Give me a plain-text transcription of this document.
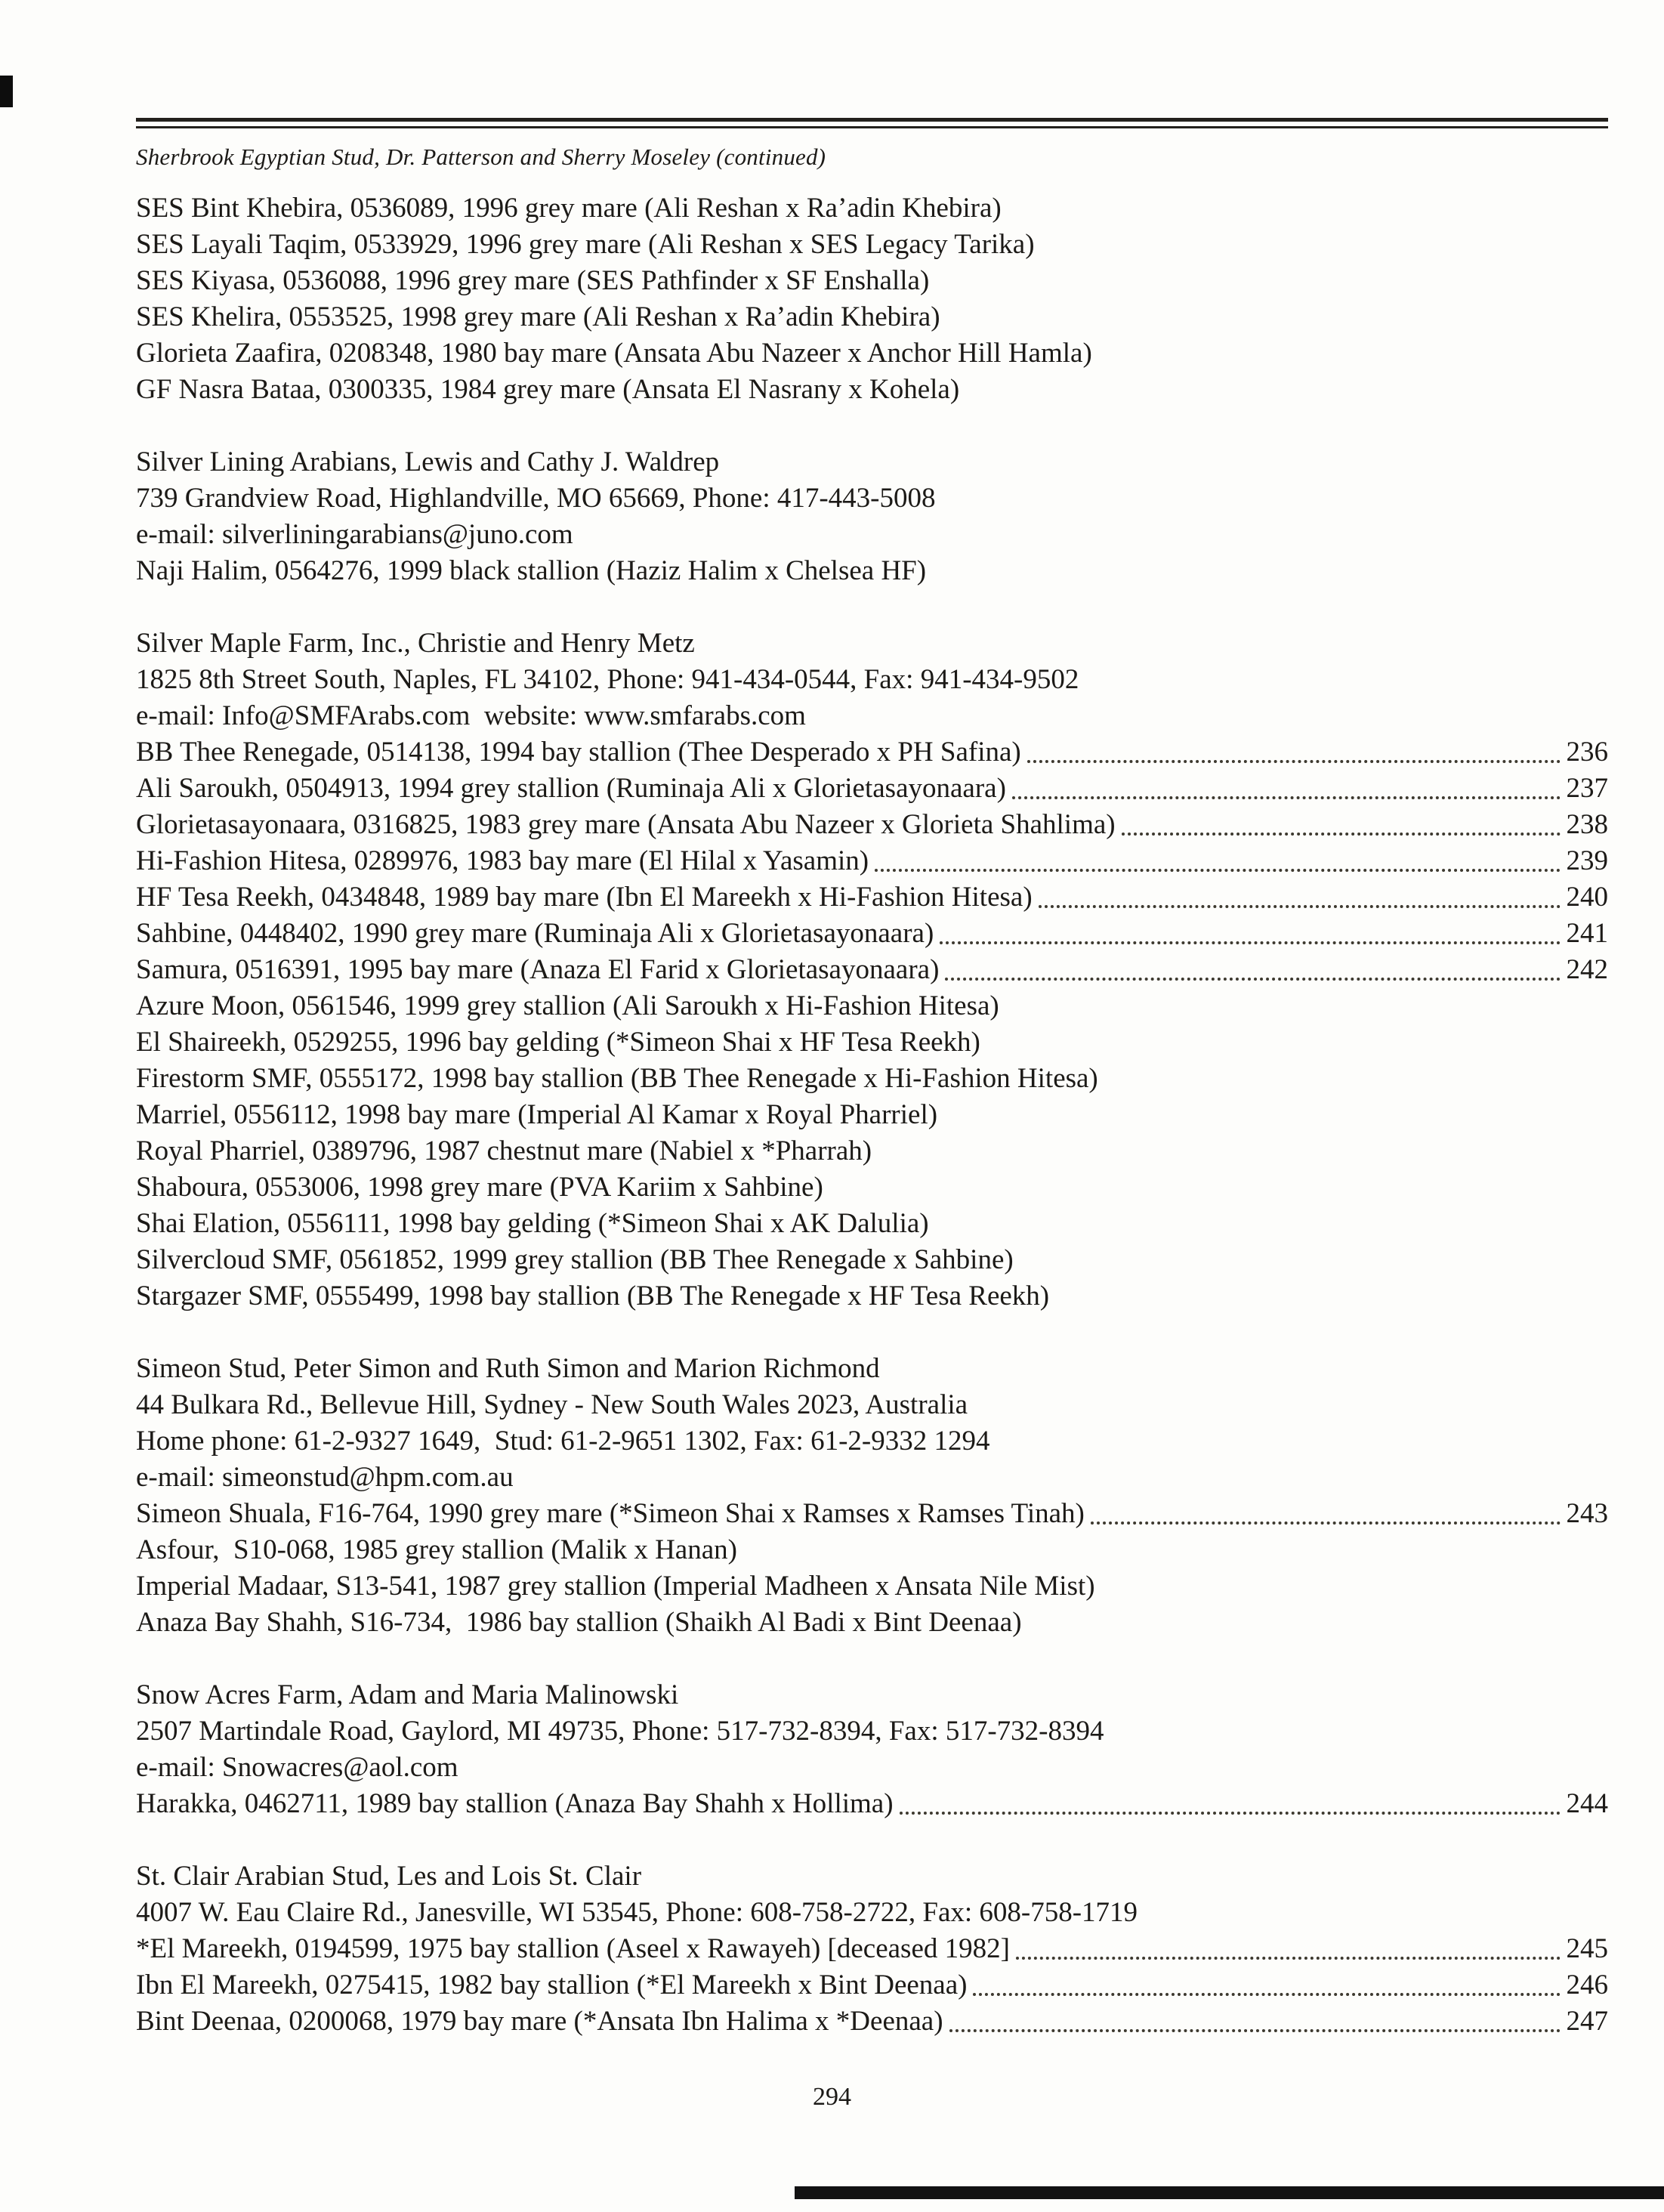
Sherbrook Egyptian Stud, Dr. Patterson and Sherry Moseley (continued)
SES Bint Khebira, 0536089, 1996 grey mare (Ali Reshan x Ra’adin Khebira)
SES Layali Taqim, 0533929, 1996 grey mare (Ali Reshan x SES Legacy Tarika)
SES Kiyasa, 0536088, 1996 grey mare (SES Pathfinder x SF Enshalla)
SES Khelira, 0553525, 1998 grey mare (Ali Reshan x Ra’adin Khebira)
Glorieta Zaafira, 0208348, 1980 bay mare (Ansata Abu Nazeer x Anchor Hill Hamla)
GF Nasra Bataa, 0300335, 1984 grey mare (Ansata El Nasrany x Kohela)
Silver Lining Arabians, Lewis and Cathy J. Waldrep
739 Grandview Road, Highlandville, MO 65669, Phone: 417-443-5008
e-mail: silverliningarabians@juno.com
Naji Halim, 0564276, 1999 black stallion (Haziz Halim x Chelsea HF)
Silver Maple Farm, Inc., Christie and Henry Metz
1825 8th Street South, Naples, FL 34102, Phone: 941-434-0544, Fax: 941-434-9502
e-mail: Info@SMFArabs.com  website: www.smfarabs.com
BB Thee Renegade, 0514138, 1994 bay stallion (Thee Desperado x PH Safina)	236
Ali Saroukh, 0504913, 1994 grey stallion (Ruminaja Ali x Glorietasayonaara)	237
Glorietasayonaara, 0316825, 1983 grey mare (Ansata Abu Nazeer x Glorieta Shahlima)	238
Hi-Fashion Hitesa, 0289976, 1983 bay mare (El Hilal x Yasamin)	239
HF Tesa Reekh, 0434848, 1989 bay mare (Ibn El Mareekh x Hi-Fashion Hitesa)	240
Sahbine, 0448402, 1990 grey mare (Ruminaja Ali x Glorietasayonaara)	241
Samura, 0516391, 1995 bay mare (Anaza El Farid x Glorietasayonaara)	242
Azure Moon, 0561546, 1999 grey stallion (Ali Saroukh x Hi-Fashion Hitesa)
El Shaireekh, 0529255, 1996 bay gelding (*Simeon Shai x HF Tesa Reekh)
Firestorm SMF, 0555172, 1998 bay stallion (BB Thee Renegade x Hi-Fashion Hitesa)
Marriel, 0556112, 1998 bay mare (Imperial Al Kamar x Royal Pharriel)
Royal Pharriel, 0389796, 1987 chestnut mare (Nabiel x *Pharrah)
Shaboura, 0553006, 1998 grey mare (PVA Kariim x Sahbine)
Shai Elation, 0556111, 1998 bay gelding (*Simeon Shai x AK Dalulia)
Silvercloud SMF, 0561852, 1999 grey stallion (BB Thee Renegade x Sahbine)
Stargazer SMF, 0555499, 1998 bay stallion (BB The Renegade x HF Tesa Reekh)
Simeon Stud, Peter Simon and Ruth Simon and Marion Richmond
44 Bulkara Rd., Bellevue Hill, Sydney - New South Wales 2023, Australia
Home phone: 61-2-9327 1649,  Stud: 61-2-9651 1302, Fax: 61-2-9332 1294
e-mail: simeonstud@hpm.com.au
Simeon Shuala, F16-764, 1990 grey mare (*Simeon Shai x Ramses x Ramses Tinah)	243
Asfour,  S10-068, 1985 grey stallion (Malik x Hanan)
Imperial Madaar, S13-541, 1987 grey stallion (Imperial Madheen x Ansata Nile Mist)
Anaza Bay Shahh, S16-734,  1986 bay stallion (Shaikh Al Badi x Bint Deenaa)
Snow Acres Farm, Adam and Maria Malinowski
2507 Martindale Road, Gaylord, MI 49735, Phone: 517-732-8394, Fax: 517-732-8394
e-mail: Snowacres@aol.com
Harakka, 0462711, 1989 bay stallion (Anaza Bay Shahh x Hollima)	244
St. Clair Arabian Stud, Les and Lois St. Clair
4007 W. Eau Claire Rd., Janesville, WI 53545, Phone: 608-758-2722, Fax: 608-758-1719
*El Mareekh, 0194599, 1975 bay stallion (Aseel x Rawayeh) [deceased 1982]	245
Ibn El Mareekh, 0275415, 1982 bay stallion (*El Mareekh x Bint Deenaa)	246
Bint Deenaa, 0200068, 1979 bay mare (*Ansata Ibn Halima x *Deenaa)	247
294
